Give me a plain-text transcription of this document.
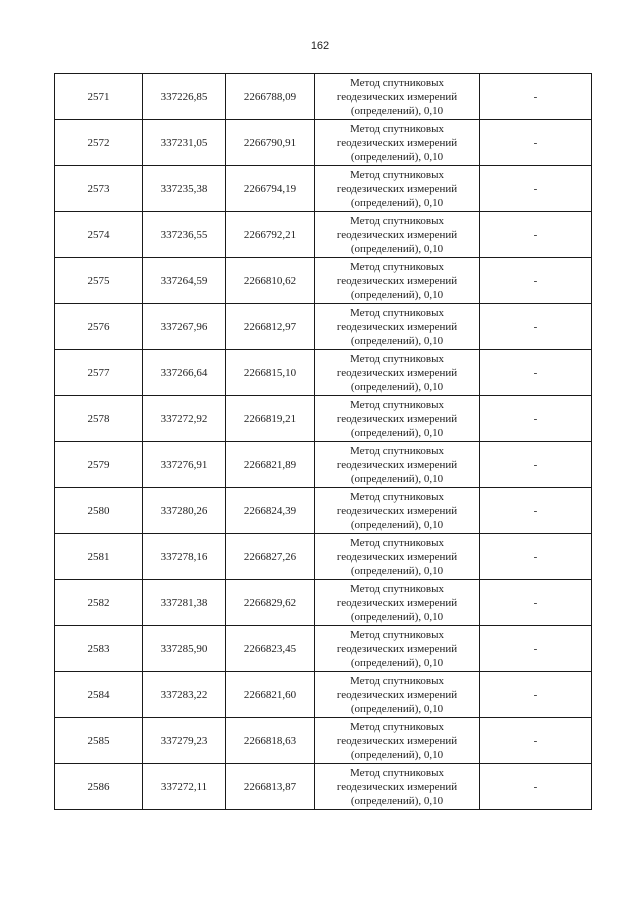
162
2571	337226,85	2266788,09	Метод спутниковых
геодезических измерений
(определений), 0,10	-
2572	337231,05	2266790,91	Метод спутниковых
геодезических измерений
(определений), 0,10	-
2573	337235,38	2266794,19	Метод спутниковых
геодезических измерений
(определений), 0,10	-
2574	337236,55	2266792,21	Метод спутниковых
геодезических измерений
(определений), 0,10	-
2575	337264,59	2266810,62	Метод спутниковых
геодезических измерений
(определений), 0,10	-
2576	337267,96	2266812,97	Метод спутниковых
геодезических измерений
(определений), 0,10	-
2577	337266,64	2266815,10	Метод спутниковых
геодезических измерений
(определений), 0,10	-
2578	337272,92	2266819,21	Метод спутниковых
геодезических измерений
(определений), 0,10	-
2579	337276,91	2266821,89	Метод спутниковых
геодезических измерений
(определений), 0,10	-
2580	337280,26	2266824,39	Метод спутниковых
геодезических измерений
(определений), 0,10	-
2581	337278,16	2266827,26	Метод спутниковых
геодезических измерений
(определений), 0,10	-
2582	337281,38	2266829,62	Метод спутниковых
геодезических измерений
(определений), 0,10	-
2583	337285,90	2266823,45	Метод спутниковых
геодезических измерений
(определений), 0,10	-
2584	337283,22	2266821,60	Метод спутниковых
геодезических измерений
(определений), 0,10	-
2585	337279,23	2266818,63	Метод спутниковых
геодезических измерений
(определений), 0,10	-
2586	337272,11	2266813,87	Метод спутниковых
геодезических измерений
(определений), 0,10	-
